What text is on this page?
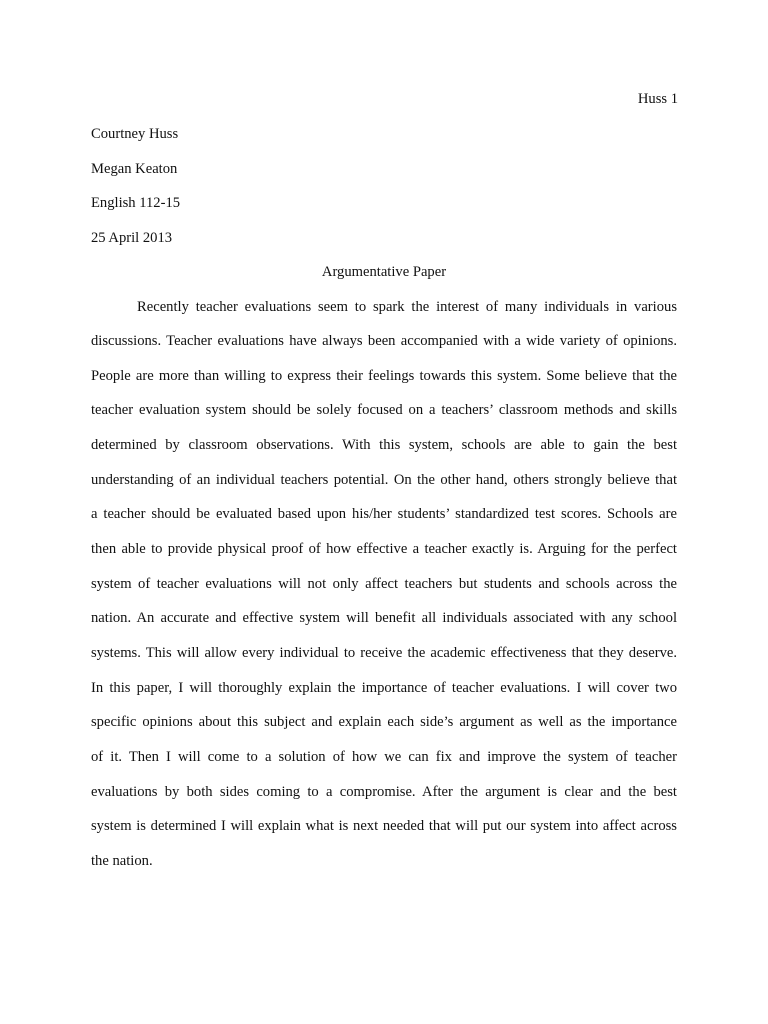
Huss 1
Courtney Huss
Megan Keaton
English 112-15
25 April 2013
Argumentative Paper
Recently teacher evaluations seem to spark the interest of many individuals in various
discussions. Teacher evaluations have always been accompanied with a wide variety of opinions.
People are more than willing to express their feelings towards this system. Some believe that the
teacher evaluation system should be solely focused on a teachers’ classroom methods and skills
determined by classroom observations. With this system, schools are able to gain the best
understanding of an individual teachers potential. On the other hand, others strongly believe that
a teacher should be evaluated based upon his/her students’ standardized test scores. Schools are
then able to provide physical proof of how effective a teacher exactly is. Arguing for the perfect
system of teacher evaluations will not only affect teachers but students and schools across the
nation. An accurate and effective system will benefit all individuals associated with any school
systems. This will allow every individual to receive the academic effectiveness that they deserve.
In this paper, I will thoroughly explain the importance of teacher evaluations. I will cover two
specific opinions about this subject and explain each side’s argument as well as the importance
of it. Then I will come to a solution of how we can fix and improve the system of teacher
evaluations by both sides coming to a compromise. After the argument is clear and the best
system is determined I will explain what is next needed that will put our system into affect across
the nation.
